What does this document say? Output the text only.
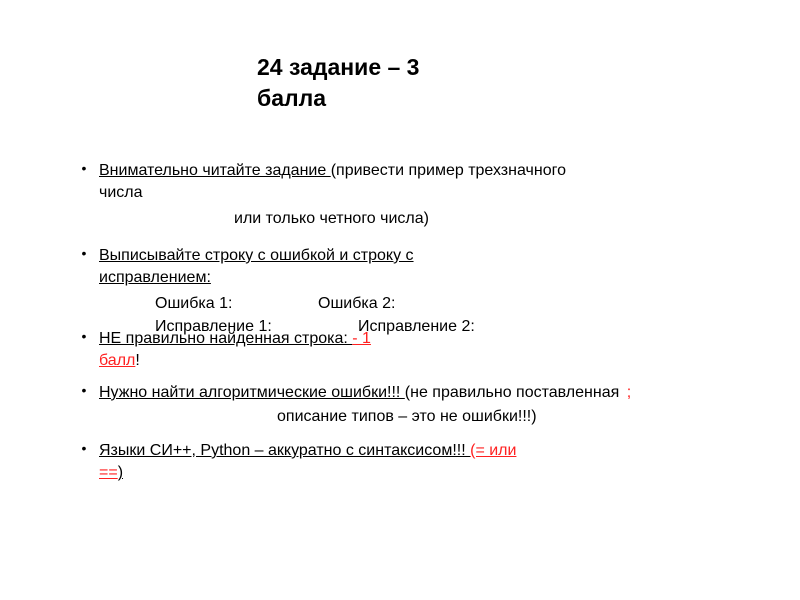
24 задание – 3
балла
• Внимательно читайте задание (привести пример трехзначного
числа
или только четного числа)
• Выписывайте строку с ошибкой и строку с
исправлением:
Ошибка 1:	Ошибка 2:
Исправление 1:	Исправление 2:
• НЕ правильно найденная строка: - 1
балл!
• Нужно найти алгоритмические ошибки!!! (не правильно поставленная ;
описание типов – это не ошибки!!!)
• Языки СИ++, Python – аккуратно с синтаксисом!!! (= или
==)
